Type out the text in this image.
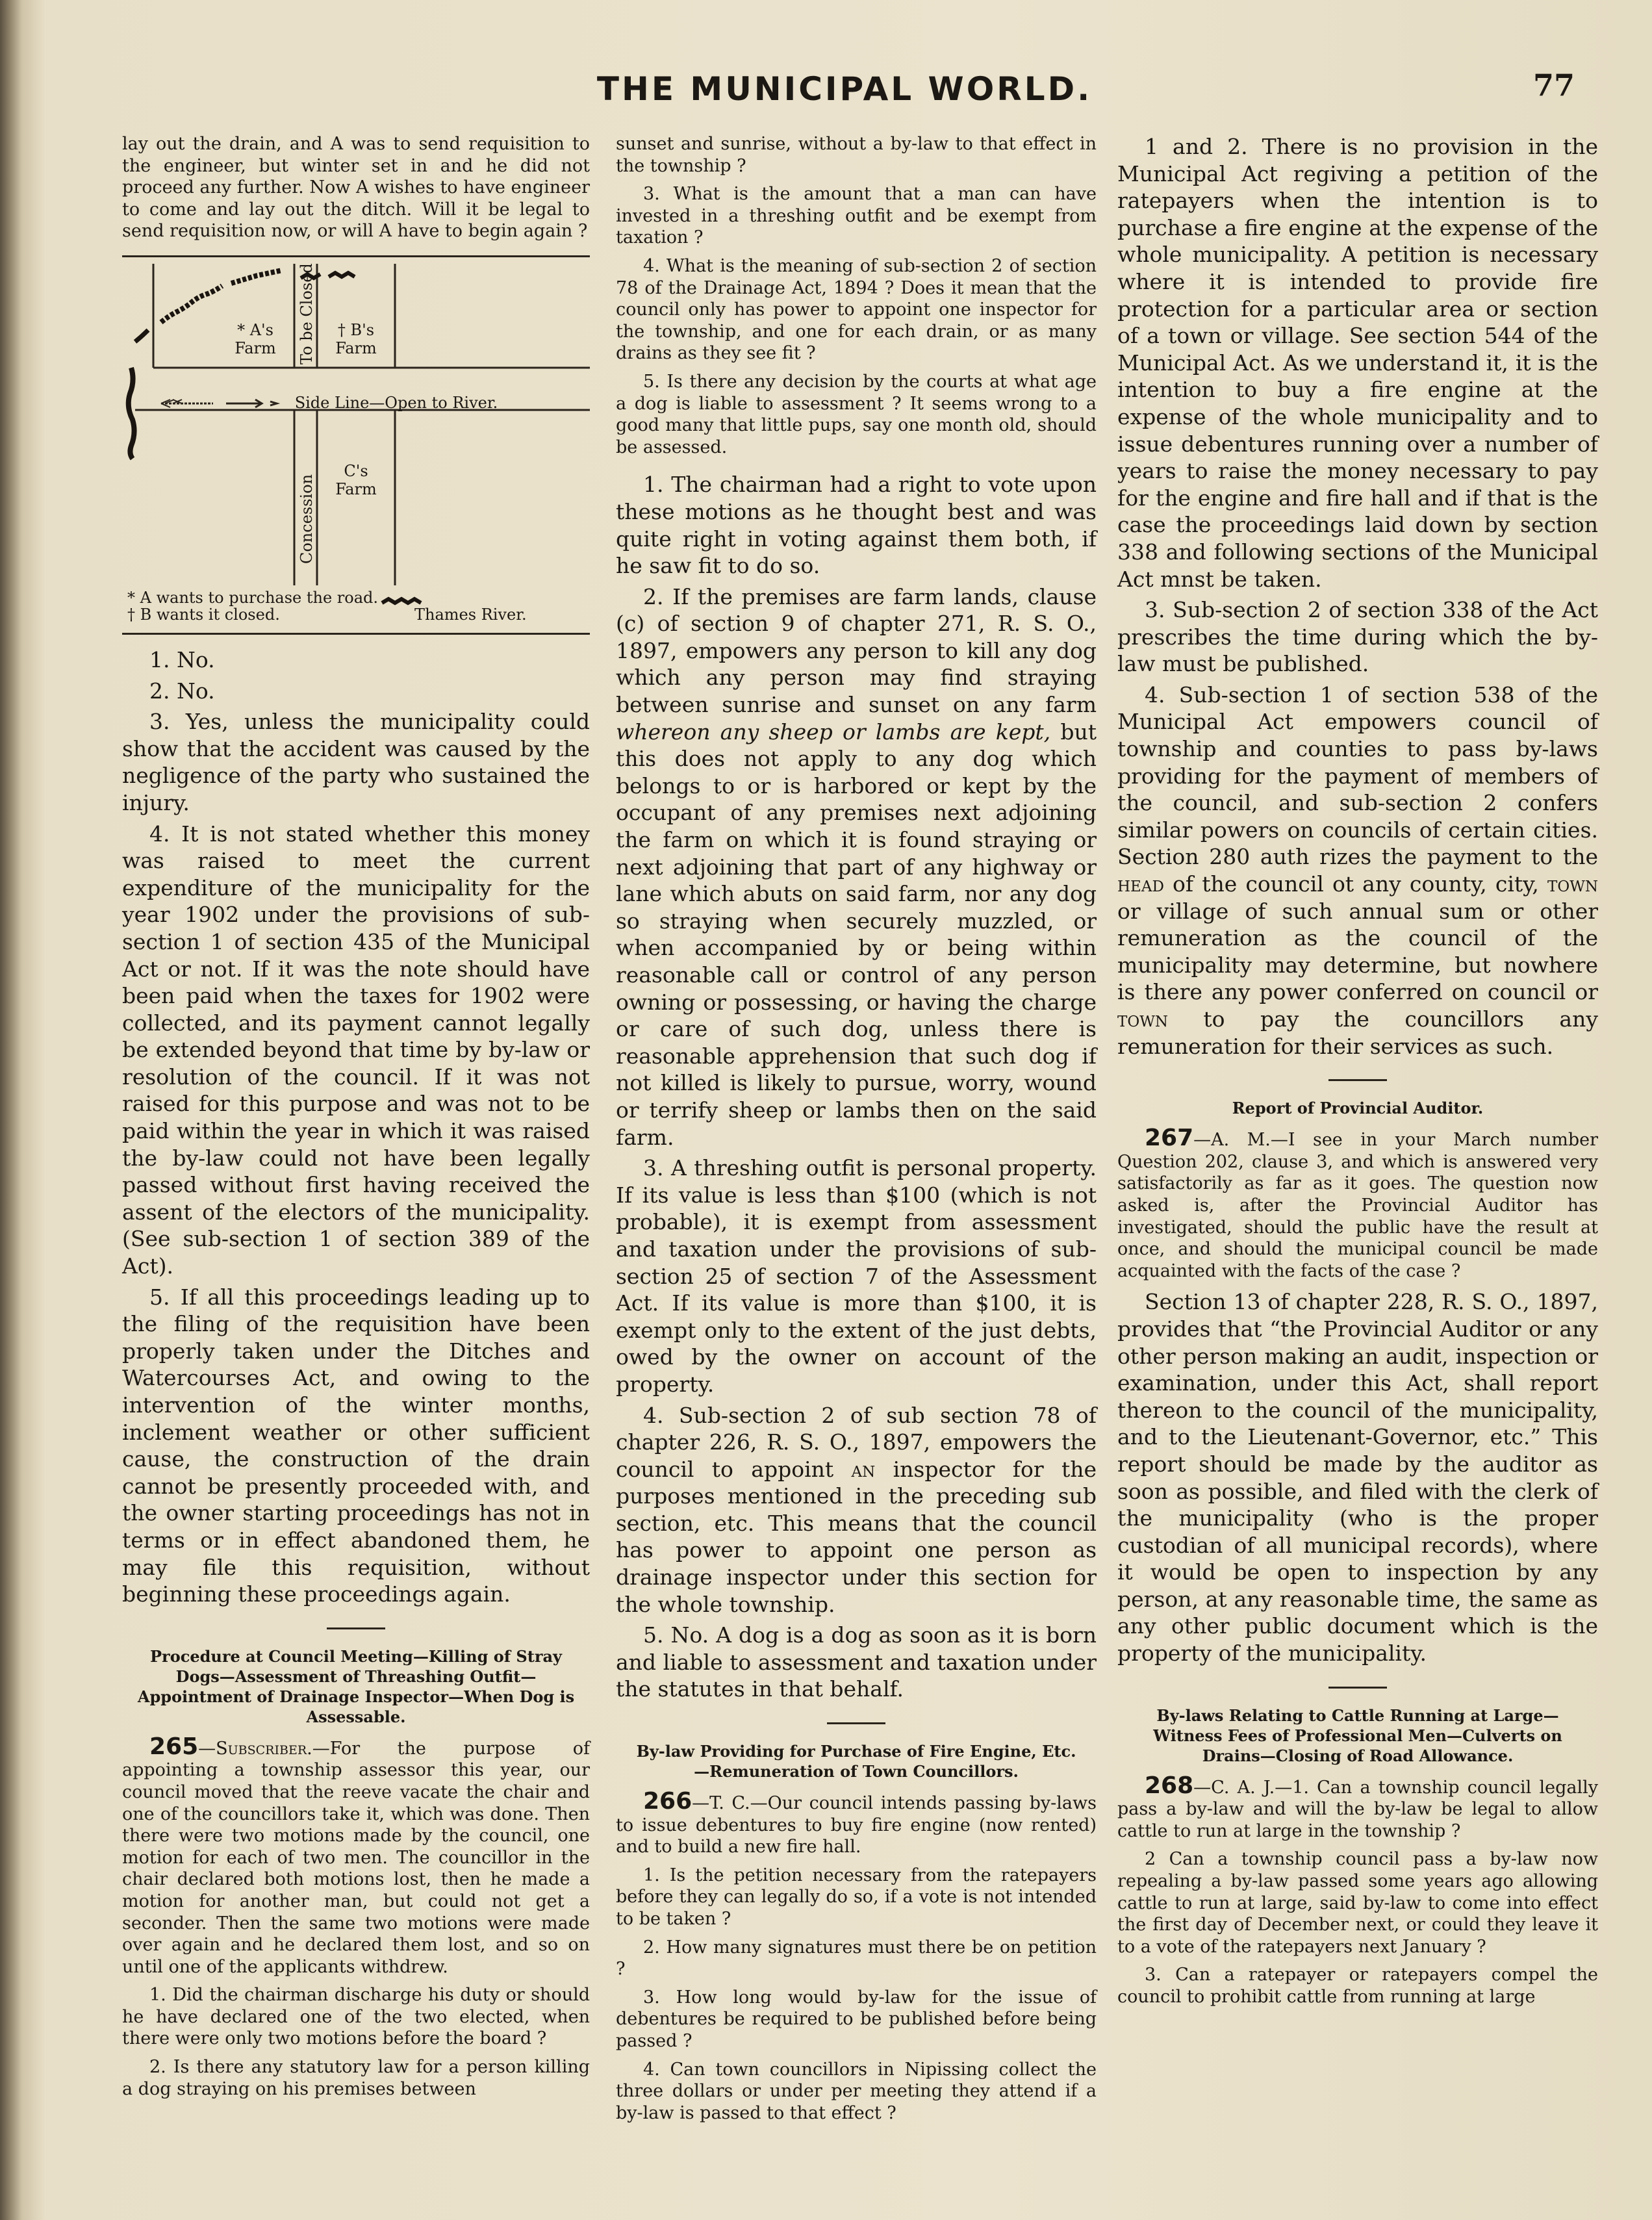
THE MUNICIPAL WORLD.	77

lay out the drain, and A was to send requisition to the engineer, but winter set in and he did not proceed any further. Now A wishes to have engineer to come and lay out the ditch. Will it be legal to send requisition now, or will A have to begin again ?

* A's
Farm
† B's
Farm
To be Closed
Side Line—Open to River.
Concession
C's
Farm
* A wants to purchase the road.
† B wants it closed.	Thames River.

1. No.

2. No.

3. Yes, unless the municipality could show that the accident was caused by the negligence of the party who sustained the injury.

4. It is not stated whether this money was raised to meet the current expenditure of the municipality for the year 1902 under the provisions of sub-section 1 of section 435 of the Municipal Act or not. If it was the note should have been paid when the taxes for 1902 were collected, and its payment cannot legally be extended beyond that time by by-law or resolution of the council. If it was not raised for this purpose and was not to be paid within the year in which it was raised the by-law could not have been legally passed without first having received the assent of the electors of the municipality. (See sub-section 1 of section 389 of the Act).

5. If all this proceedings leading up to the filing of the requisition have been properly taken under the Ditches and Watercourses Act, and owing to the intervention of the winter months, inclement weather or other sufficient cause, the construction of the drain cannot be presently proceeded with, and the owner starting proceedings has not in terms or in effect abandoned them, he may file this requisition, without beginning these proceedings again.

Procedure at Council Meeting—Killing of Stray Dogs—Assessment of Threashing Outfit—Appointment of Drainage Inspector—When Dog is Assessable.

265—Subscriber.—For the purpose of appointing a township assessor this year, our council moved that the reeve vacate the chair and one of the councillors take it, which was done. Then there were two motions made by the council, one motion for each of two men. The councillor in the chair declared both motions lost, then he made a motion for another man, but could not get a seconder. Then the same two motions were made over again and he declared them lost, and so on until one of the applicants withdrew.

1. Did the chairman discharge his duty or should he have declared one of the two elected, when there were only two motions before the board ?

2. Is there any statutory law for a person killing a dog straying on his premises between

sunset and sunrise, without a by-law to that effect in the township ?

3. What is the amount that a man can have invested in a threshing outfit and be exempt from taxation ?

4. What is the meaning of sub-section 2 of section 78 of the Drainage Act, 1894 ? Does it mean that the council only has power to appoint one inspector for the township, and one for each drain, or as many drains as they see fit ?

5. Is there any decision by the courts at what age a dog is liable to assessment ? It seems wrong to a good many that little pups, say one month old, should be assessed.

1. The chairman had a right to vote upon these motions as he thought best and was quite right in voting against them both, if he saw fit to do so.

2. If the premises are farm lands, clause (c) of section 9 of chapter 271, R. S. O., 1897, empowers any person to kill any dog which any person may find straying between sunrise and sunset on any farm whereon any sheep or lambs are kept, but this does not apply to any dog which belongs to or is harbored or kept by the occupant of any premises next adjoining the farm on which it is found straying or next adjoining that part of any highway or lane which abuts on said farm, nor any dog so straying when securely muzzled, or when accompanied by or being within reasonable call or control of any person owning or possessing, or having the charge or care of such dog, unless there is reasonable apprehension that such dog if not killed is likely to pursue, worry, wound or terrify sheep or lambs then on the said farm.

3. A threshing outfit is personal property. If its value is less than $100 (which is not probable), it is exempt from assessment and taxation under the provisions of sub-section 25 of section 7 of the Assessment Act. If its value is more than $100, it is exempt only to the extent of the just debts, owed by the owner on account of the property.

4. Sub-section 2 of sub section 78 of chapter 226, R. S. O., 1897, empowers the council to appoint an inspector for the purposes mentioned in the preceding sub section, etc. This means that the council has power to appoint one person as drainage inspector under this section for the whole township.

5. No. A dog is a dog as soon as it is born and liable to assessment and taxation under the statutes in that behalf.

By-law Providing for Purchase of Fire Engine, Etc.—Remuneration of Town Councillors.

266—T. C.—Our council intends passing by-laws to issue debentures to buy fire engine (now rented) and to build a new fire hall.

1. Is the petition necessary from the ratepayers before they can legally do so, if a vote is not intended to be taken ?

2. How many signatures must there be on petition ?

3. How long would by-law for the issue of debentures be required to be published before being passed ?

4. Can town councillors in Nipissing collect the three dollars or under per meeting they attend if a by-law is passed to that effect ?

1 and 2. There is no provision in the Municipal Act regiving a petition of the ratepayers when the intention is to purchase a fire engine at the expense of the whole municipality. A petition is necessary where it is intended to provide fire protection for a particular area or section of a town or village. See section 544 of the Municipal Act. As we understand it, it is the intention to buy a fire engine at the expense of the whole municipality and to issue debentures running over a number of years to raise the money necessary to pay for the engine and fire hall and if that is the case the proceedings laid down by section 338 and following sections of the Municipal Act mnst be taken.

3. Sub-section 2 of section 338 of the Act prescribes the time during which the by-law must be published.

4. Sub-section 1 of section 538 of the Municipal Act empowers council of township and counties to pass by-laws providing for the payment of members of the council, and sub-section 2 confers similar powers on councils of certain cities. Section 280 auth rizes the payment to the head of the council ot any county, city, town or village of such annual sum or other remuneration as the council of the municipality may determine, but nowhere is there any power conferred on council or town to pay the councillors any remuneration for their services as such.

Report of Provincial Auditor.

267—A. M.—I see in your March number Question 202, clause 3, and which is answered very satisfactorily as far as it goes. The question now asked is, after the Provincial Auditor has investigated, should the public have the result at once, and should the municipal council be made acquainted with the facts of the case ?

Section 13 of chapter 228, R. S. O., 1897, provides that “the Provincial Auditor or any other person making an audit, inspection or examination, under this Act, shall report thereon to the council of the municipality, and to the Lieutenant-Governor, etc.” This report should be made by the auditor as soon as possible, and filed with the clerk of the municipality (who is the proper custodian of all municipal records), where it would be open to inspection by any person, at any reasonable time, the same as any other public document which is the property of the municipality.

By-laws Relating to Cattle Running at Large—Witness Fees of Professional Men—Culverts on Drains—Closing of Road Allowance.

268—C. A. J.—1. Can a township council legally pass a by-law and will the by-law be legal to allow cattle to run at large in the township ?

2 Can a township council pass a by-law now repealing a by-law passed some years ago allowing cattle to run at large, said by-law to come into effect the first day of December next, or could they leave it to a vote of the ratepayers next January ?

3. Can a ratepayer or ratepayers compel the council to prohibit cattle from running at large
